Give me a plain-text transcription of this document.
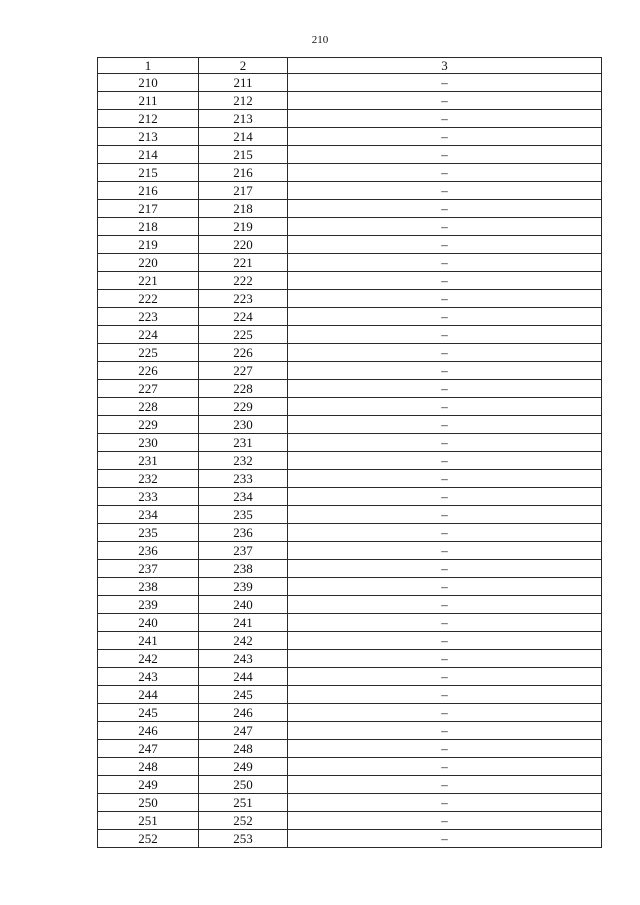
210
1	2	3
210	211	–
211	212	–
212	213	–
213	214	–
214	215	–
215	216	–
216	217	–
217	218	–
218	219	–
219	220	–
220	221	–
221	222	–
222	223	–
223	224	–
224	225	–
225	226	–
226	227	–
227	228	–
228	229	–
229	230	–
230	231	–
231	232	–
232	233	–
233	234	–
234	235	–
235	236	–
236	237	–
237	238	–
238	239	–
239	240	–
240	241	–
241	242	–
242	243	–
243	244	–
244	245	–
245	246	–
246	247	–
247	248	–
248	249	–
249	250	–
250	251	–
251	252	–
252	253	–
